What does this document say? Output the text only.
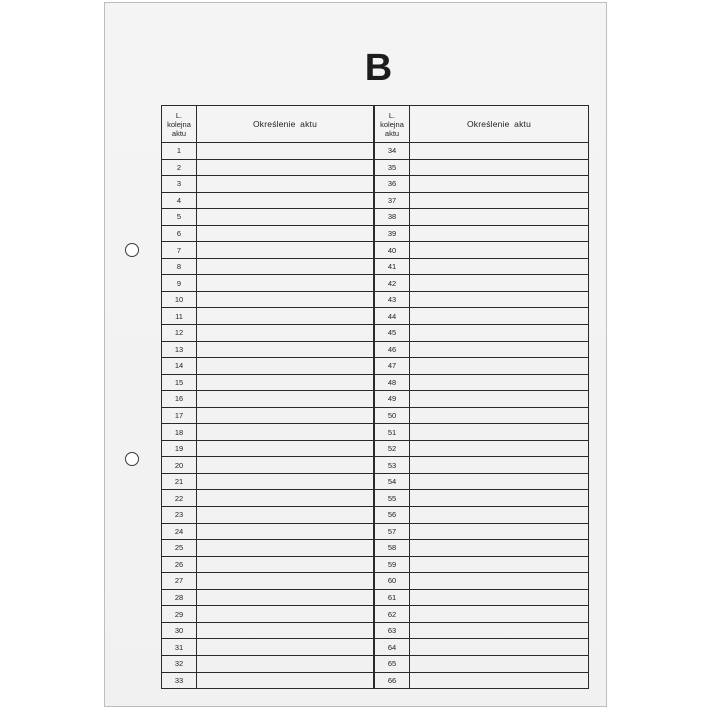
B
L.
kolejna
aktu
Określenie aktu
1
2
3
4
5
6
7
8
9
10
11
12
13
14
15
16
17
18
19
20
21
22
23
24
25
26
27
28
29
30
31
32
33
L.
kolejna
aktu
Określenie aktu
34
35
36
37
38
39
40
41
42
43
44
45
46
47
48
49
50
51
52
53
54
55
56
57
58
59
60
61
62
63
64
65
66
